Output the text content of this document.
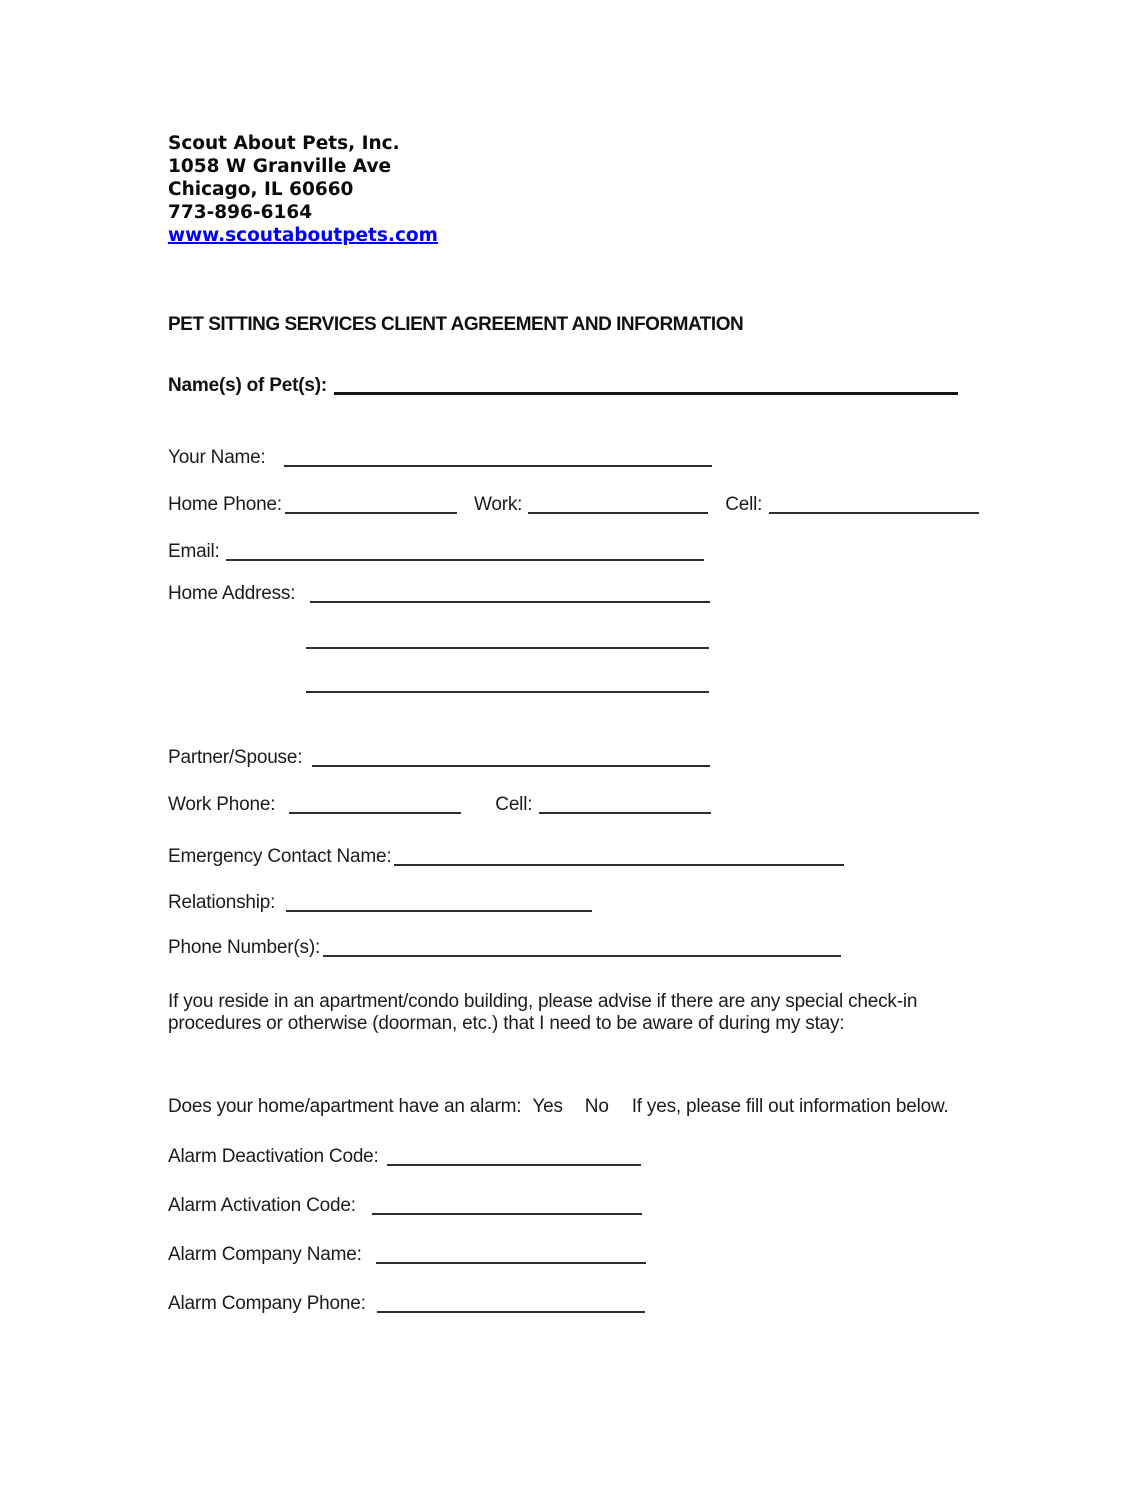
Scout About Pets, Inc.
1058 W Granville Ave
Chicago, IL 60660
773-896-6164
www.scoutaboutpets.com
PET SITTING SERVICES CLIENT AGREEMENT AND INFORMATION
Name(s) of Pet(s):
Your Name:
Home Phone:	Work:	Cell:
Email:
Home Address:
Partner/Spouse:
Work Phone:	Cell:
Emergency Contact Name:
Relationship:
Phone Number(s):
If you reside in an apartment/condo building, please advise if there are any special check-in procedures or otherwise (doorman, etc.) that I need to be aware of during my stay:
Does your home/apartment have an alarm: Yes No If yes, please fill out information below.
Alarm Deactivation Code:
Alarm Activation Code:
Alarm Company Name:
Alarm Company Phone:
